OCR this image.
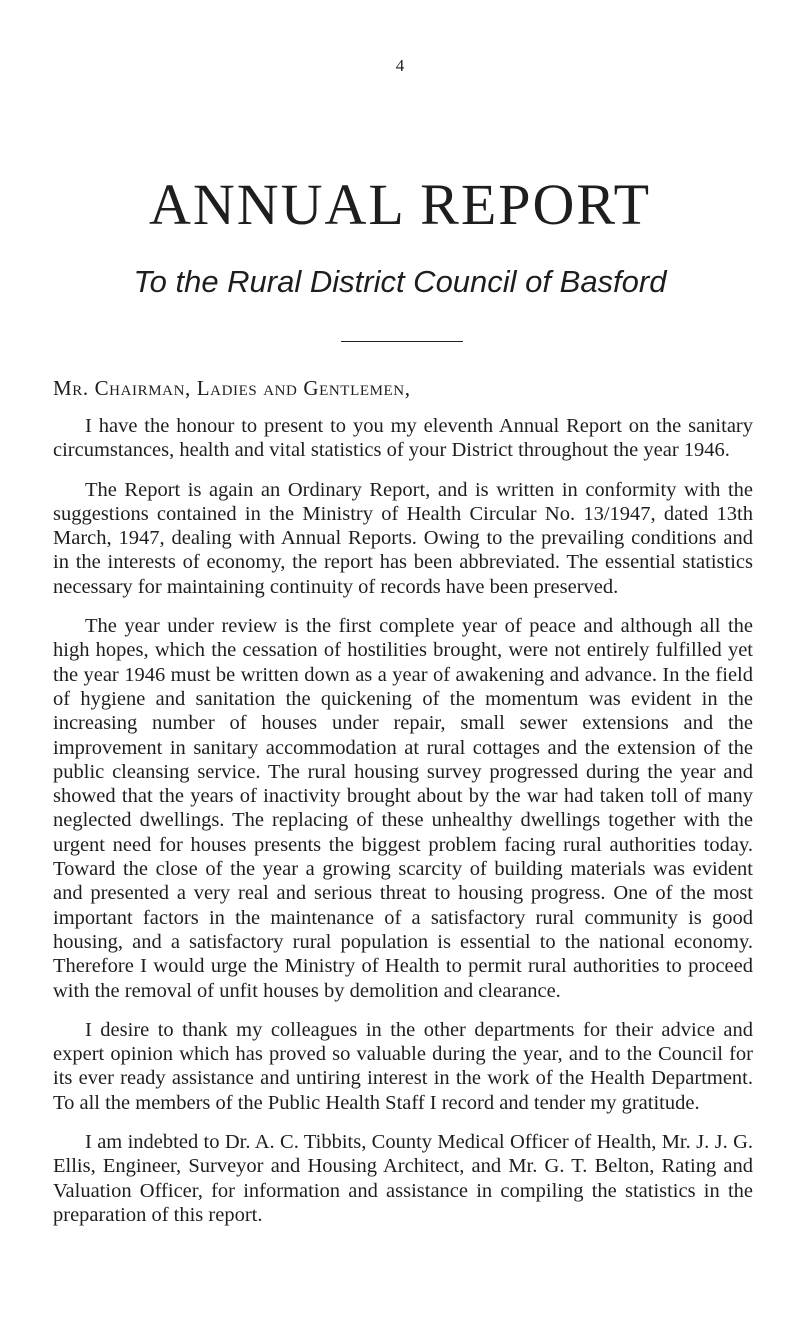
4
ANNUAL REPORT
To the Rural District Council of Basford
Mr. Chairman, Ladies and Gentlemen,

I have the honour to present to you my eleventh Annual Report on the sanitary circumstances, health and vital statistics of your District throughout the year 1946.

The Report is again an Ordinary Report, and is written in conformity with the suggestions contained in the Ministry of Health Circular No. 13/1947, dated 13th March, 1947, dealing with Annual Reports. Owing to the prevailing conditions and in the interests of economy, the report has been abbreviated. The essential statistics necessary for maintaining continuity of records have been preserved.

The year under review is the first complete year of peace and although all the high hopes, which the cessation of hostilities brought, were not entirely fulfilled yet the year 1946 must be written down as a year of awakening and advance. In the field of hygiene and sanitation the quickening of the momentum was evident in the increasing number of houses under repair, small sewer extensions and the improvement in sanitary accommodation at rural cottages and the extension of the public cleansing service. The rural housing survey progressed during the year and showed that the years of inactivity brought about by the war had taken toll of many neglected dwellings. The replacing of these unhealthy dwellings together with the urgent need for houses presents the biggest problem facing rural authorities today. Toward the close of the year a growing scarcity of building materials was evident and presented a very real and serious threat to housing progress. One of the most important factors in the maintenance of a satisfactory rural community is good housing, and a satisfactory rural population is essential to the national economy. Therefore I would urge the Ministry of Health to permit rural authorities to proceed with the removal of unfit houses by demolition and clearance.

I desire to thank my colleagues in the other departments for their advice and expert opinion which has proved so valuable during the year, and to the Council for its ever ready assistance and untiring interest in the work of the Health Department. To all the members of the Public Health Staff I record and tender my gratitude.

I am indebted to Dr. A. C. Tibbits, County Medical Officer of Health, Mr. J. J. G. Ellis, Engineer, Surveyor and Housing Architect, and Mr. G. T. Belton, Rating and Valuation Officer, for information and assistance in compiling the statistics in the preparation of this report.
